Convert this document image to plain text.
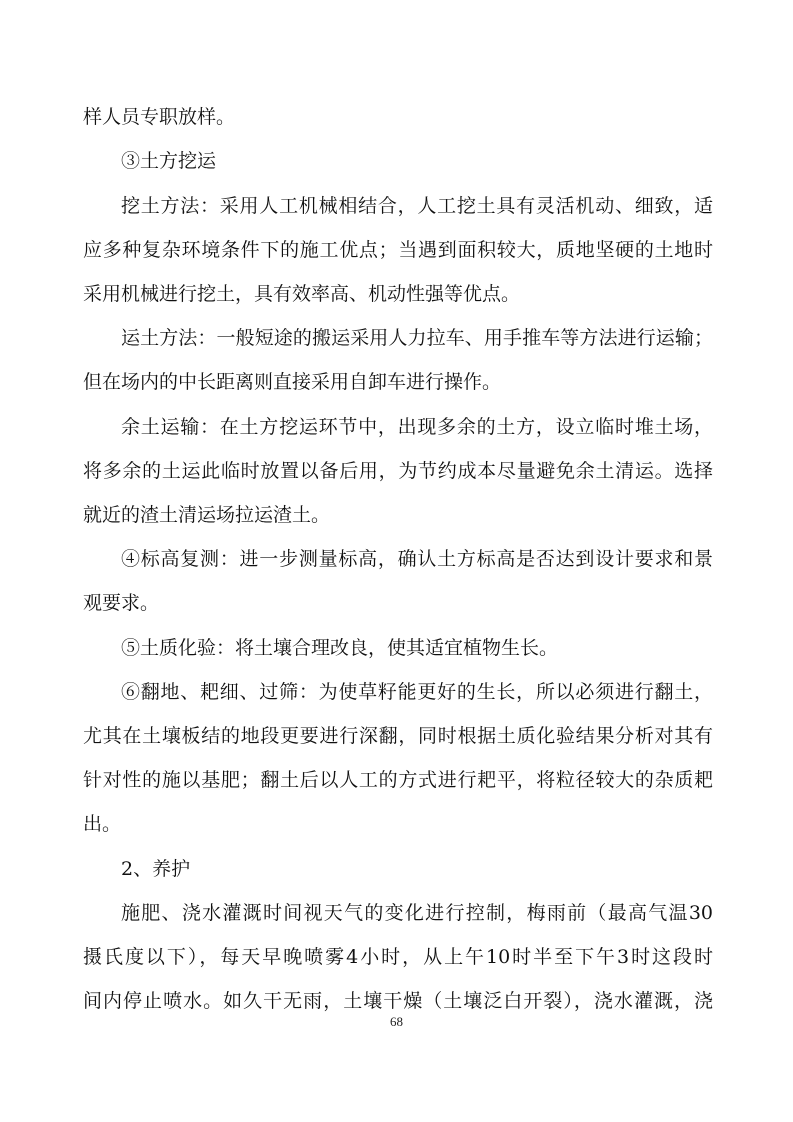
样人员专职放样。
③土方挖运
挖土方法：采用人工机械相结合，人工挖土具有灵活机动、细致，适
应多种复杂环境条件下的施工优点；当遇到面积较大，质地坚硬的土地时
采用机械进行挖土，具有效率高、机动性强等优点。
运土方法：一般短途的搬运采用人力拉车、用手推车等方法进行运输；
但在场内的中长距离则直接采用自卸车进行操作。
余土运输：在土方挖运环节中，出现多余的土方，设立临时堆土场，
将多余的土运此临时放置以备后用，为节约成本尽量避免余土清运。选择
就近的渣土清运场拉运渣土。
④标高复测：进一步测量标高，确认土方标高是否达到设计要求和景
观要求。
⑤土质化验：将土壤合理改良，使其适宜植物生长。
⑥翻地、耙细、过筛：为使草籽能更好的生长，所以必须进行翻土，
尤其在土壤板结的地段更要进行深翻，同时根据土质化验结果分析对其有
针对性的施以基肥；翻土后以人工的方式进行耙平，将粒径较大的杂质耙
出。
2、养护
施肥、浇水灌溉时间视天气的变化进行控制，梅雨前（最高气温30
摄氏度以下），每天早晚喷雾4小时，从上午10时半至下午3时这段时
间内停止喷水。如久干无雨，土壤干燥（土壤泛白开裂），浇水灌溉，浇
68
